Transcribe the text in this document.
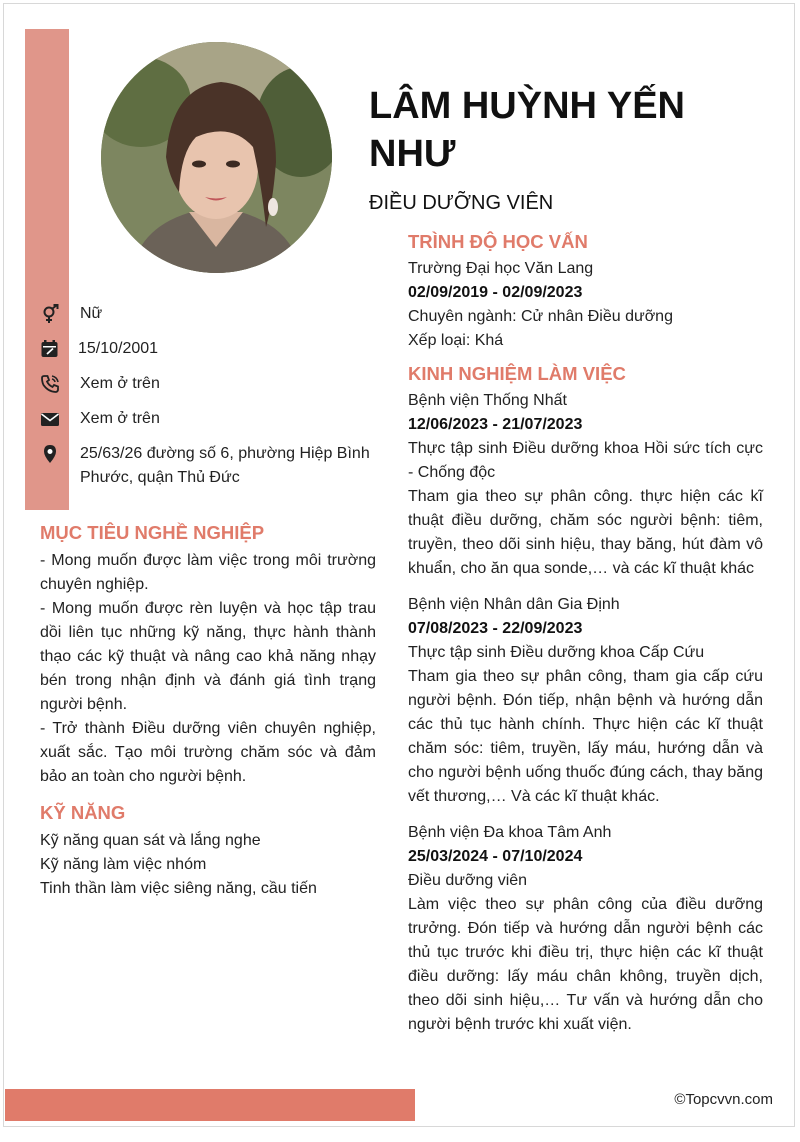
LÂM HUỲNH YẾN NHƯ
ĐIỀU DƯỠNG VIÊN
Nữ
15/10/2001
Xem ở trên
Xem ở trên
25/63/26 đường số 6, phường Hiệp Bình Phước, quận Thủ Đức
MỤC TIÊU NGHỀ NGHIỆP

- Mong muốn được làm việc trong môi trường chuyên nghiệp.

- Mong muốn được rèn luyện và học tập trau dồi liên tục những kỹ năng, thực hành thành thạo các kỹ thuật và nâng cao khả năng nhạy bén trong nhận định và đánh giá tình trạng người bệnh.

- Trở thành Điều dưỡng viên chuyên nghiệp, xuất sắc. Tạo môi trường chăm sóc và đảm bảo an toàn cho người bệnh.

KỸ NĂNG

Kỹ năng quan sát và lắng nghe

Kỹ năng làm việc nhóm

Tinh thần làm việc siêng năng, cầu tiến

TRÌNH ĐỘ HỌC VẤN

Trường Đại học Văn Lang

02/09/2019 - 02/09/2023

Chuyên ngành: Cử nhân Điều dưỡng

Xếp loại: Khá

KINH NGHIỆM LÀM VIỆC

Bệnh viện Thống Nhất

12/06/2023 - 21/07/2023

Thực tập sinh Điều dưỡng khoa Hồi sức tích cực - Chống độc

Tham gia theo sự phân công. thực hiện các kĩ thuật điều dưỡng, chăm sóc người bệnh: tiêm, truyền, theo dõi sinh hiệu, thay băng, hút đàm vô khuẩn, cho ăn qua sonde,… và các kĩ thuật khác

Bệnh viện Nhân dân Gia Định

07/08/2023 - 22/09/2023

Thực tập sinh Điều dưỡng khoa Cấp Cứu

Tham gia theo sự phân công, tham gia cấp cứu người bệnh. Đón tiếp, nhận bệnh và hướng dẫn các thủ tục hành chính. Thực hiện các kĩ thuật chăm sóc: tiêm, truyền, lấy máu, hướng dẫn và cho người bệnh uống thuốc đúng cách, thay băng vết thương,… Và các kĩ thuật khác.

Bệnh viện Đa khoa Tâm Anh

25/03/2024 - 07/10/2024

Điều dưỡng viên

Làm việc theo sự phân công của điều dưỡng trưởng. Đón tiếp và hướng dẫn người bệnh các thủ tục trước khi điều trị, thực hiện các kĩ thuật điều dưỡng: lấy máu chân không, truyền dịch, theo dõi sinh hiệu,… Tư vấn và hướng dẫn cho người bệnh trước khi xuất viện.

©Topcvvn.com
